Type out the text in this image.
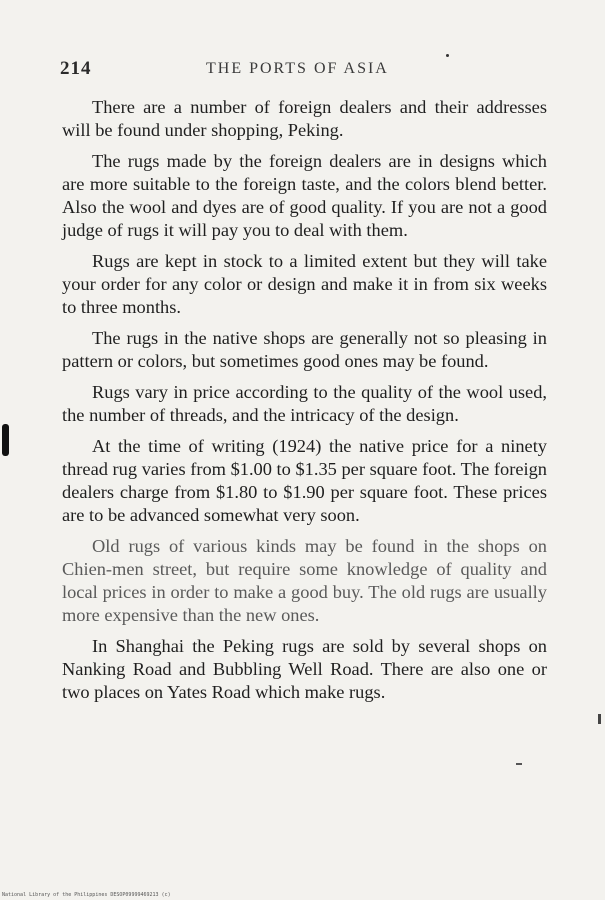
214	THE PORTS OF ASIA

There are a number of foreign dealers and their addresses will be found under shopping, Peking.

The rugs made by the foreign dealers are in designs which are more suitable to the foreign taste, and the colors blend better. Also the wool and dyes are of good quality. If you are not a good judge of rugs it will pay you to deal with them.

Rugs are kept in stock to a limited extent but they will take your order for any color or design and make it in from six weeks to three months.

The rugs in the native shops are generally not so pleasing in pattern or colors, but sometimes good ones may be found.

Rugs vary in price according to the quality of the wool used, the number of threads, and the intricacy of the design.

At the time of writing (1924) the native price for a ninety thread rug varies from $1.00 to $1.35 per square foot. The foreign dealers charge from $1.80 to $1.90 per square foot. These prices are to be advanced somewhat very soon.

Old rugs of various kinds may be found in the shops on Chien-men street, but require some knowledge of quality and local prices in order to make a good buy. The old rugs are usually more expensive than the new ones.

In Shanghai the Peking rugs are sold by several shops on Nanking Road and Bubbling Well Road. There are also one or two places on Yates Road which make rugs.

National Library of the Philippines DESOP09999469213 (c)
